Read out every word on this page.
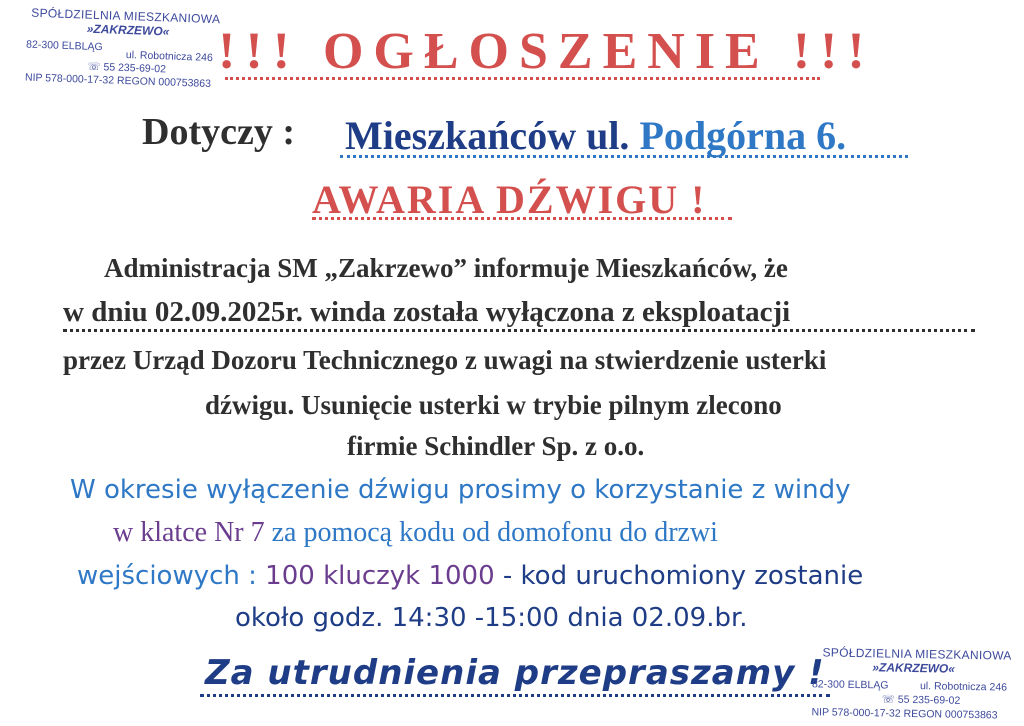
SPÓŁDZIELNIA MIESZKANIOWA
»ZAKRZEWO«
82-300 ELBLĄG
ul. Robotnicza 246
☏ 55 235-69-02
NIP 578-000-17-32 REGON 000753863
!!! OGŁOSZENIE !!!
Dotyczy : Mieszkańców ul. Podgórna 6.
AWARIA DŹWIGU !
Administracja SM „Zakrzewo” informuje Mieszkańców, że
w dniu 02.09.2025r. winda została wyłączona z eksploatacji
przez Urząd Dozoru Technicznego z uwagi na stwierdzenie usterki
dźwigu. Usunięcie usterki w trybie pilnym zlecono
firmie Schindler Sp. z o.o.
W okresie wyłączenie dźwigu prosimy o korzystanie z windy
w klatce Nr 7 za pomocą kodu od domofonu do drzwi
wejściowych : 100 kluczyk 1000 - kod uruchomiony zostanie
około godz. 14:30 -15:00 dnia 02.09.br.
Za utrudnienia przepraszamy !
SPÓŁDZIELNIA MIESZKANIOWA
»ZAKRZEWO«
82-300 ELBLĄG	ul. Robotnicza 246
☏ 55 235-69-02
NIP 578-000-17-32 REGON 000753863
